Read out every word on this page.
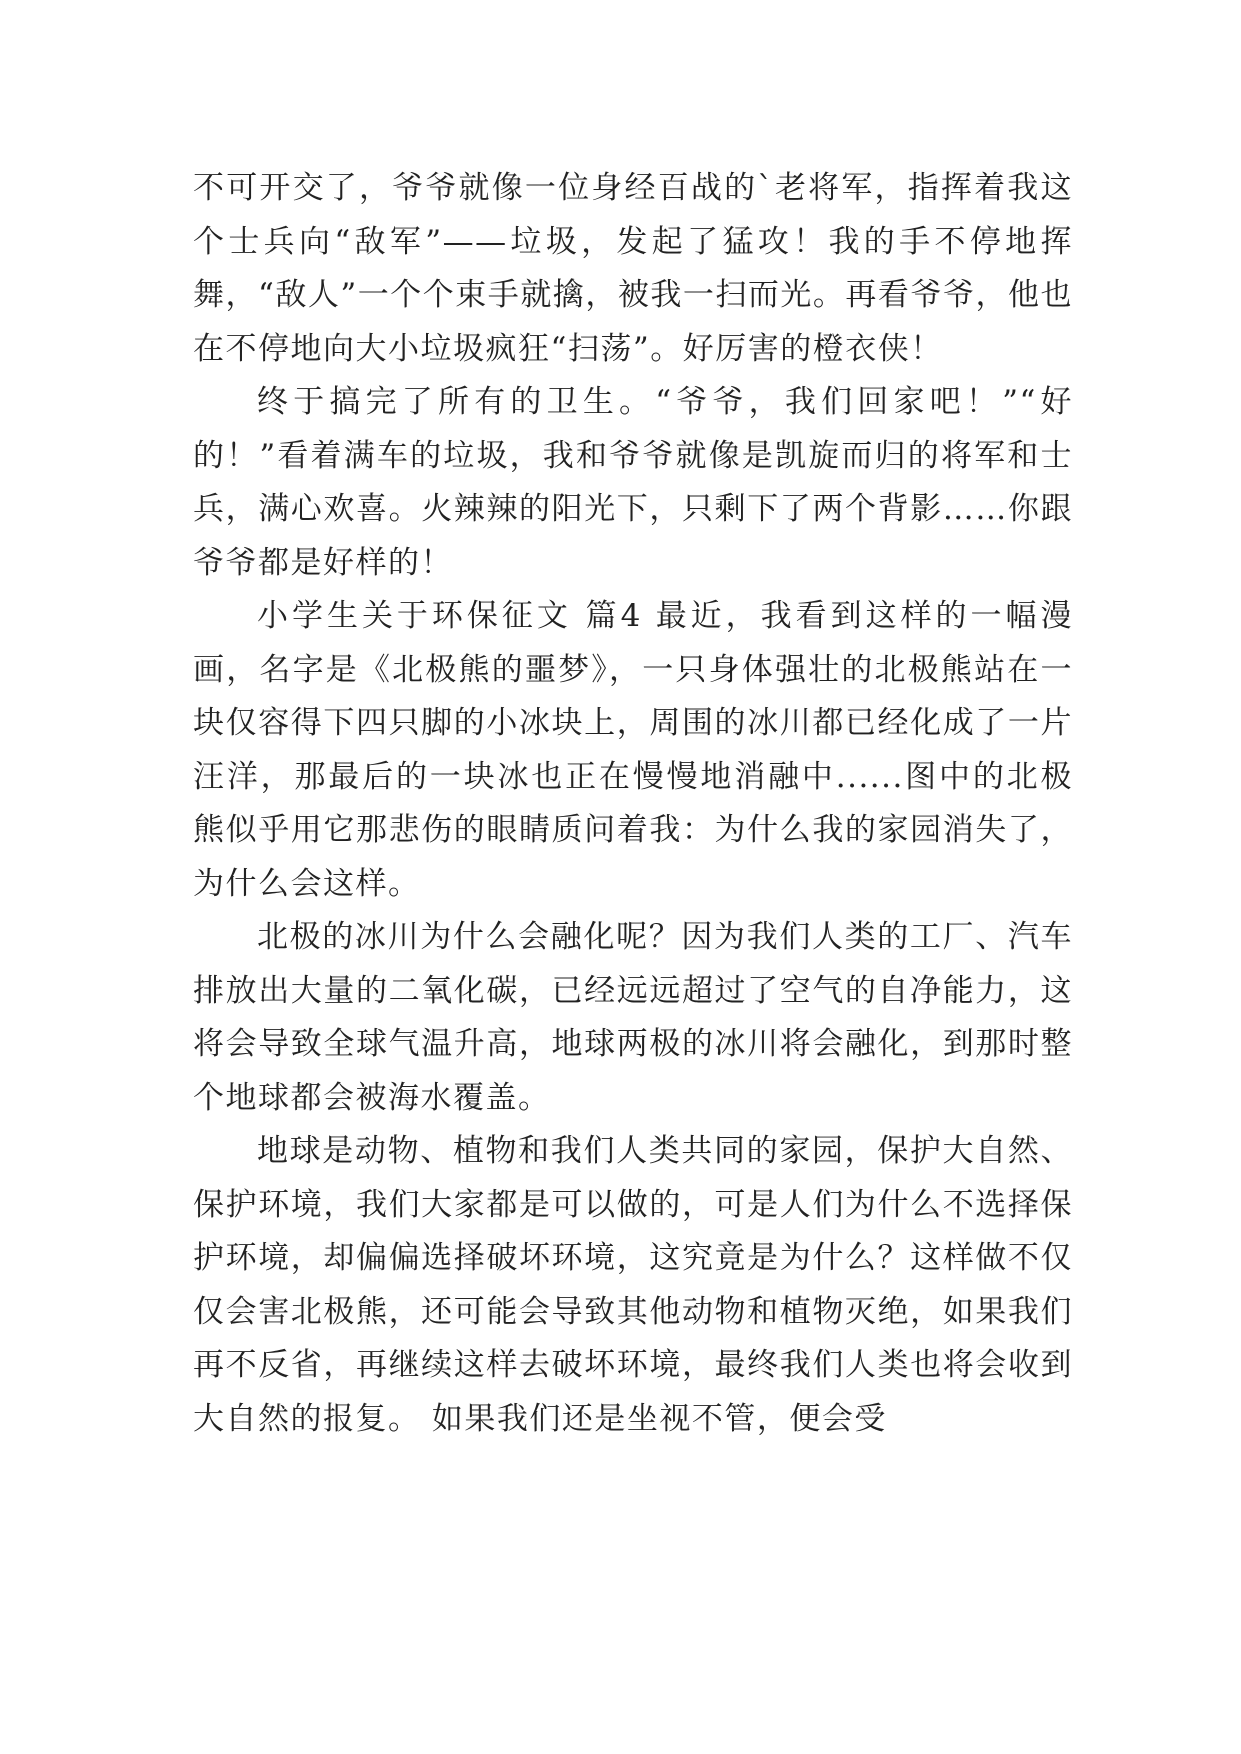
不可开交了，爷爷就像一位身经百战的`老将军，指挥着我这个士兵向“敌军”——垃圾，发起了猛攻！我的手不停地挥舞，“敌人”一个个束手就擒，被我一扫而光。再看爷爷，他也在不停地向大小垃圾疯狂“扫荡”。好厉害的橙衣侠！

终于搞完了所有的卫生。“爷爷，我们回家吧！”“好的！”看着满车的垃圾，我和爷爷就像是凯旋而归的将军和士兵，满心欢喜。火辣辣的阳光下，只剩下了两个背影……你跟爷爷都是好样的！

小学生关于环保征文 篇4 最近，我看到这样的一幅漫画，名字是《北极熊的噩梦》，一只身体强壮的北极熊站在一块仅容得下四只脚的小冰块上，周围的冰川都已经化成了一片汪洋，那最后的一块冰也正在慢慢地消融中......图中的北极熊似乎用它那悲伤的眼睛质问着我：为什么我的家园消失了，为什么会这样。

北极的冰川为什么会融化呢？因为我们人类的工厂、汽车排放出大量的二氧化碳，已经远远超过了空气的自净能力，这将会导致全球气温升高，地球两极的冰川将会融化，到那时整个地球都会被海水覆盖。

地球是动物、植物和我们人类共同的家园，保护大自然、保护环境，我们大家都是可以做的，可是人们为什么不选择保护环境，却偏偏选择破坏环境，这究竟是为什么？这样做不仅仅会害北极熊，还可能会导致其他动物和植物灭绝，如果我们再不反省，再继续这样去破坏环境，最终我们人类也将会收到大自然的报复。 如果我们还是坐视不管，便会受
